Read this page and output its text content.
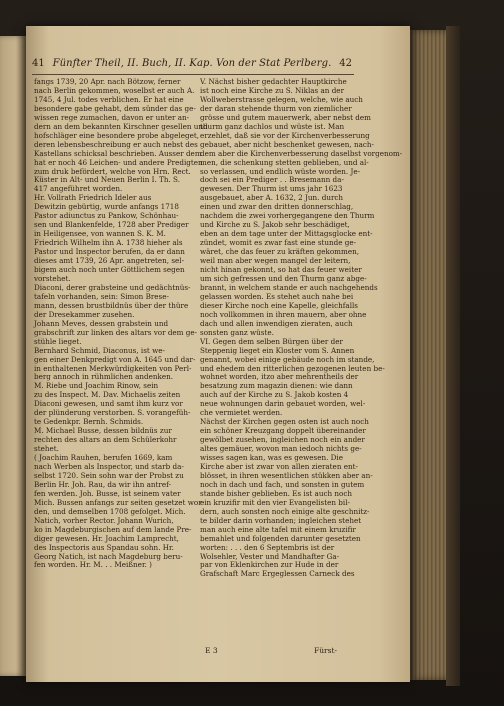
41 Fünfter Theil, II. Buch, II. Kap. Von der Stat Perlberg. 42
fangs 1739, 20 Apr. nach Bötzow, ferner
nach Berlin gekommen, woselbst er auch A.
1745, 4 Jul. todes verblichen. Er hat eine
besondere gabe gehabt, dem sünder das ge-
wissen rege zumachen, davon er unter an-
dern an dem bekannten Kirschner gesellen und
hofschläger eine besondere probe abgeleget,
deren lebensbeschreibung er auch nebst des
Kastellans schicksal beschrieben. Ausser dem
hat er noch 46 Leichen- und andere Predigten
zum druk befördert, welche von Hrn. Rect.
Küster in Alt- und Neuen Berlin I. Th. S.
417 angeführet worden.
Hr. Vollrath Friedrich Ideler aus
Dewitzin gebürtig, wurde anfangs 1718
Pastor adiunctus zu Pankow, Schönhau-
sen und Blankenfelde, 1728 aber Prediger
in Heiligensee, von wannen S. K. M.
Friedrich Wilhelm ihn A. 1738 hieher als
Pastor und Inspector berufen, da er dann
dieses amt 1739, 26 Apr. angetreten, sel-
bigem auch noch unter Göttlichem segen
vorstehet.
Diaconi, derer grabsteine und gedächtnüs-
tafeln vorhanden, sein: Simon Brese-
mann, dessen brustbildnüs über der thüre
der Dresekammer zusehen.
Johann Meves, dessen grabstein und
grabschrift zur linken des altars vor dem ge-
stühle lieget.
Bernhard Schmid, Diaconus, ist we-
gen einer Denkpredigt von A. 1645 und dar-
in enthaltenen Merkwürdigkeiten von Perl-
berg annoch in rühmlichen andenken.
M. Riebe und Joachim Rinow, sein
zu des Inspect. M. Dav. Michaelis zeiten
Diaconi gewesen, und samt ihm kurz vor
der plünderung verstorben. S. vorangefüh-
te Gedenkpr. Bernh. Schmids.
M. Michael Busse, dessen bildnüs zur
rechten des altars an dem Schülerkohr
stehet.
( Joachim Rauhen, berufen 1669, kam
nach Werben als Inspector, und starb da-
selbst 1720. Sein sohn war der Probst zu
Berlin Hr. Joh. Rau, da wir ihn antref-
fen werden. Joh. Busse, ist seinem vater
Mich. Bussen anfangs zur seiten gesetzet wor-
den, und demselben 1708 gefolget. Mich.
Natich, vorher Rector. Johann Wurich,
ko in Magdeburgischen auf dem lande Pre-
diger gewesen. Hr. Joachim Lamprecht,
des Inspectoris aus Spandau sohn. Hr.
Georg Natich, ist nach Magdeburg beru-
fen worden. Hr. M. . . Meißner. )
V. Nächst bisher gedachter Hauptkirche
ist noch eine Kirche zu S. Niklas an der
Wollweberstrasse gelegen, welche, wie auch
der daran stehende thurm von ziemlicher
grösse und gutem mauerwerk, aber nebst dem
thurm ganz dachlos und wüste ist. Man
erzehlet, daß sie vor der Kirchenverbesserung
gebauet, aber nicht beschenket gewesen, nach-
dem aber die Kirchenverbesserung daselbst vorgenom-
men, die schenkung stetten geblieben, und al-
so verlassen, und endlich wüste worden. Je-
doch sei ein Prediger . . Bresemann da-
gewesen. Der Thurm ist ums jahr 1623
ausgebauet, aber A. 1632, 2 Jun. durch
einen und zwar den dritten donnerschlag,
nachdem die zwei vorhergegangene den Thurm
und Kirche zu S. Jakob sehr beschädiget,
eben an dem tage unter der Mittagsglocke ent-
zündet, womit es zwar fast eine stunde ge-
wäret, che das feuer zu kräften gekommen,
weil man aber wegen mangel der leitern,
nicht hinan gekonnt, so hat das feuer weiter
um sich gefressen und den Thurm ganz abge-
brannt, in welchem stande er auch nachgehends
gelassen worden. Es stehet auch nahe bei
dieser Kirche noch eine Kapelle, gleichfalls
noch vollkommen in ihren mauern, aber ohne
dach und allen inwendigen zieraten, auch
sonsten ganz wüste.
VI. Gegen dem selben Bürgen über der
Steppenig lieget ein Kloster vom S. Annen
genannt, wobei einige gebäude noch im stande,
und ehedem den ritterlichen gezogenen leuten be-
wohnet worden, itzo aber mehrentheils der
besatzung zum magazin dienen: wie dann
auch auf der Kirche zu S. Jakob kosten 4
neue wohnungen darin gebauet worden, wel-
che vermietet werden.
Nächst der Kirchen gegen osten ist auch noch
ein schöner Kreuzgang doppelt übereinander
gewölbet zusehen, ingleichen noch ein ander
altes gemäuer, wovon man iedoch nichts ge-
wisses sagen kan, was es gewesen. Die
Kirche aber ist zwar von allen zieraten ent-
blösset, in ihren wesentlichen stükken aber an-
noch in dach und fach, und sonsten in gutem
stande bisher geblieben. Es ist auch noch
ein kruzifir mit den vier Evangelisten bil-
dern, auch sonsten noch einige alte geschnitz-
te bilder darin vorhanden; ingleichen stehet
man auch eine alte tafel mit einem kruzifir
bemahlet und folgenden darunter gesetzten
worten: . . . den 6 Septembris ist der
Wolsehler, Vester und Mandhafter Ga-
par von Eklenkirchen zur Hude in der
Grafschaft Marc Ergeglessen Carneck des
E 3	Fürst-
